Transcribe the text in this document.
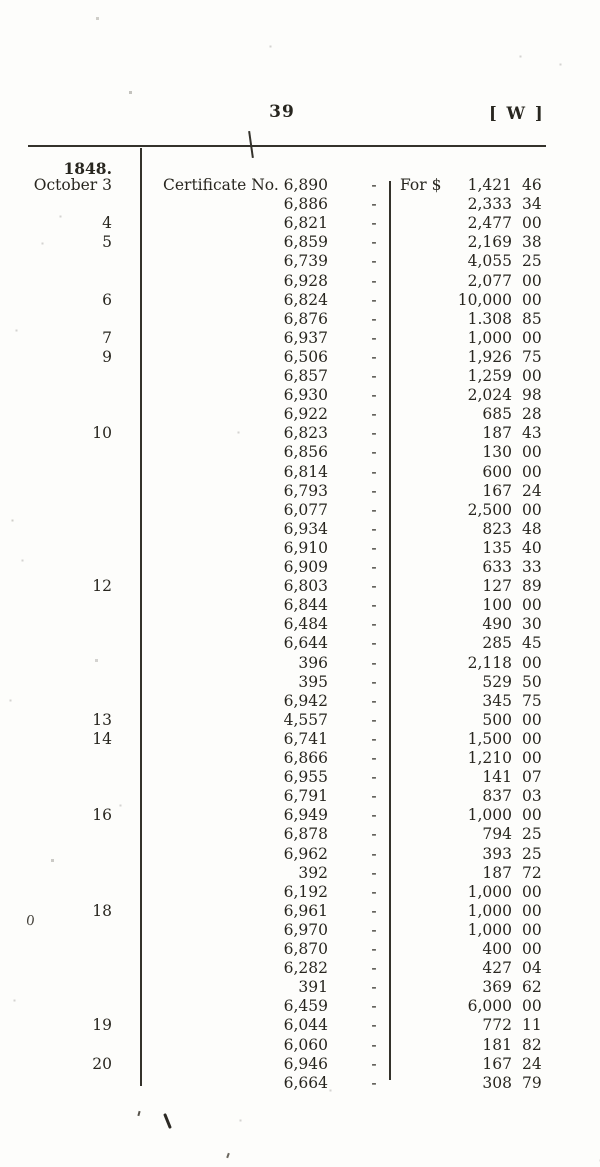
39	[ W ]
1848.
0
October 3	Certificate No. 6,890	-	For $	1,421 46
6,886	-	2,333 34
4	6,821	-	2,477 00
5	6,859	-	2,169 38
6,739	-	4,055 25
6,928	-	2,077 00
6	6,824	-	10,000 00
6,876	-	1.308 85
7	6,937	-	1,000 00
9	6,506	-	1,926 75
6,857	-	1,259 00
6,930	-	2,024 98
6,922	-	685 28
10	6,823	-	187 43
6,856	-	130 00
6,814	-	600 00
6,793	-	167 24
6,077	-	2,500 00
6,934	-	823 48
6,910	-	135 40
6,909	-	633 33
12	6,803	-	127 89
6,844	-	100 00
6,484	-	490 30
6,644	-	285 45
396	-	2,118 00
395	-	529 50
6,942	-	345 75
13	4,557	-	500 00
14	6,741	-	1,500 00
6,866	-	1,210 00
6,955	-	141 07
6,791	-	837 03
16	6,949	-	1,000 00
6,878	-	794 25
6,962	-	393 25
392	-	187 72
6,192	-	1,000 00
18	6,961	-	1,000 00
6,970	-	1,000 00
6,870	-	400 00
6,282	-	427 04
391	-	369 62
6,459	-	6,000 00
19	6,044	-	772 11
6,060	-	181 82
20	6,946	-	167 24
6,664	-	308 79
